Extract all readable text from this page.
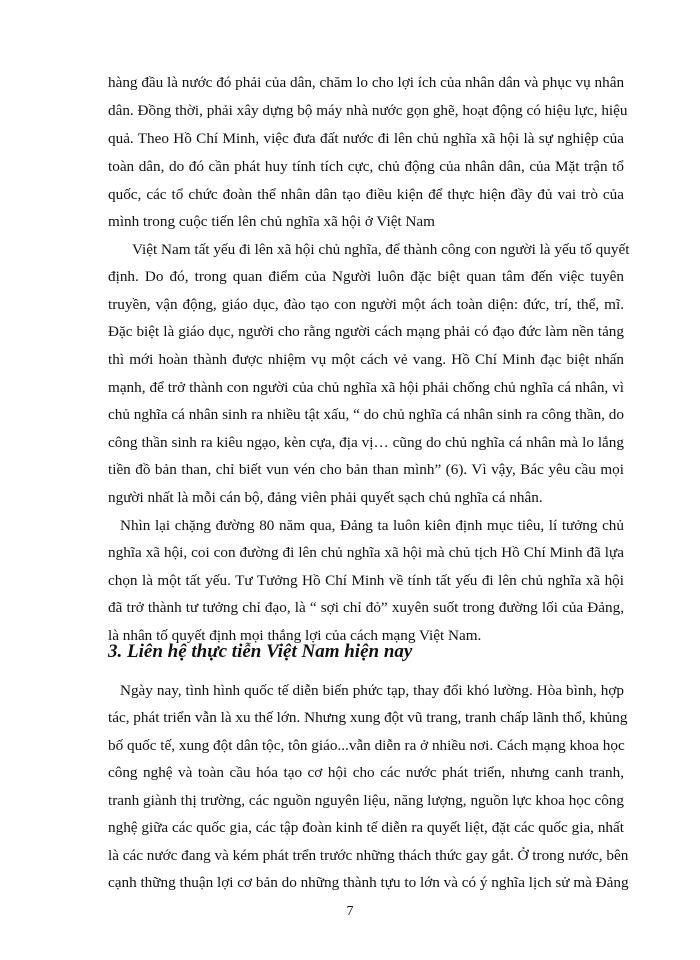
hàng đầu là nước đó phải của dân, chăm lo cho lợi ích của nhân dân và phục vụ nhân
dân. Đồng thời, phải xây dựng bộ máy nhà nước gọn ghẽ, hoạt động có hiệu lực, hiệu
quả. Theo Hồ Chí Minh, việc đưa đất nước đi lên chủ nghĩa xã hội là sự nghiệp của
toàn dân, do đó cần phát huy tính tích cực, chủ động của nhân dân, của Mặt trận tổ
quốc, các tổ chức đoàn thể nhân dân tạo điều kiện để thực hiện đầy đủ vai trò của
mình trong cuộc tiến lên chủ nghĩa xã hội ở Việt Nam
Việt Nam tất yếu đi lên xã hội chủ nghĩa, để thành công con người là yếu tố quyết
định. Do đó, trong quan điểm của Người luôn đặc biệt quan tâm đến việc tuyên
truyền, vận động, giáo dục, đào tạo con người một ách toàn diện: đức, trí, thể, mĩ.
Đặc biệt là giáo dục, người cho rằng người cách mạng phải có đạo đức làm nền tảng
thì mới hoàn thành được nhiệm vụ một cách vẻ vang. Hồ Chí Minh đạc biệt nhấn
mạnh, để trở thành con người của chủ nghĩa xã hội phải chống chủ nghĩa cá nhân, vì
chủ nghĩa cá nhân sinh ra nhiều tật xấu, “ do chủ nghĩa cá nhân sinh ra công thần, do
công thần sinh ra kiêu ngạo, kèn cựa, địa vị… cũng do chủ nghĩa cá nhân mà lo lắng
tiền đồ bản than, chỉ biết vun vén cho bản than mình” (6). Vì vậy, Bác yêu cầu mọi
người nhất là mỗi cán bộ, đảng viên phải quyết sạch chủ nghĩa cá nhân.
Nhìn lại chặng đường 80 năm qua, Đảng ta luôn kiên định mục tiêu, lí tưởng chủ
nghĩa xã hội, coi con đường đi lên chủ nghĩa xã hội mà chủ tịch Hồ Chí Minh đã lựa
chọn là một tất yếu. Tư Tưởng Hồ Chí Minh về tính tất yếu đi lên chủ nghĩa xã hội
đã trở thành tư tưởng chỉ đạo, là “ sợi chỉ đỏ” xuyên suốt trong đường lối của Đảng,
là nhân tố quyết định mọi thắng lợi của cách mạng Việt Nam.
3. Liên hệ thực tiễn Việt Nam hiện nay
Ngày nay, tình hình quốc tế diễn biến phức tạp, thay đổi khó lường. Hòa bình, hợp
tác, phát triển vẫn là xu thế lớn. Nhưng xung đột vũ trang, tranh chấp lãnh thổ, khủng
bố quốc tế, xung đột dân tộc, tôn giáo...vẫn diễn ra ở nhiều nơi. Cách mạng khoa học
công nghệ và toàn cầu hóa tạo cơ hội cho các nước phát triển, nhưng canh tranh,
tranh giành thị trường, các nguồn nguyên liệu, năng lượng, nguồn lực khoa học công
nghệ giữa các quốc gia, các tập đoàn kinh tế diễn ra quyết liệt, đặt các quốc gia, nhất
là các nước đang và kém phát trển trước những thách thức gay gắt. Ở trong nước, bên
cạnh thững thuận lợi cơ bản do những thành tựu to lớn và có ý nghĩa lịch sử mà Đảng
7
